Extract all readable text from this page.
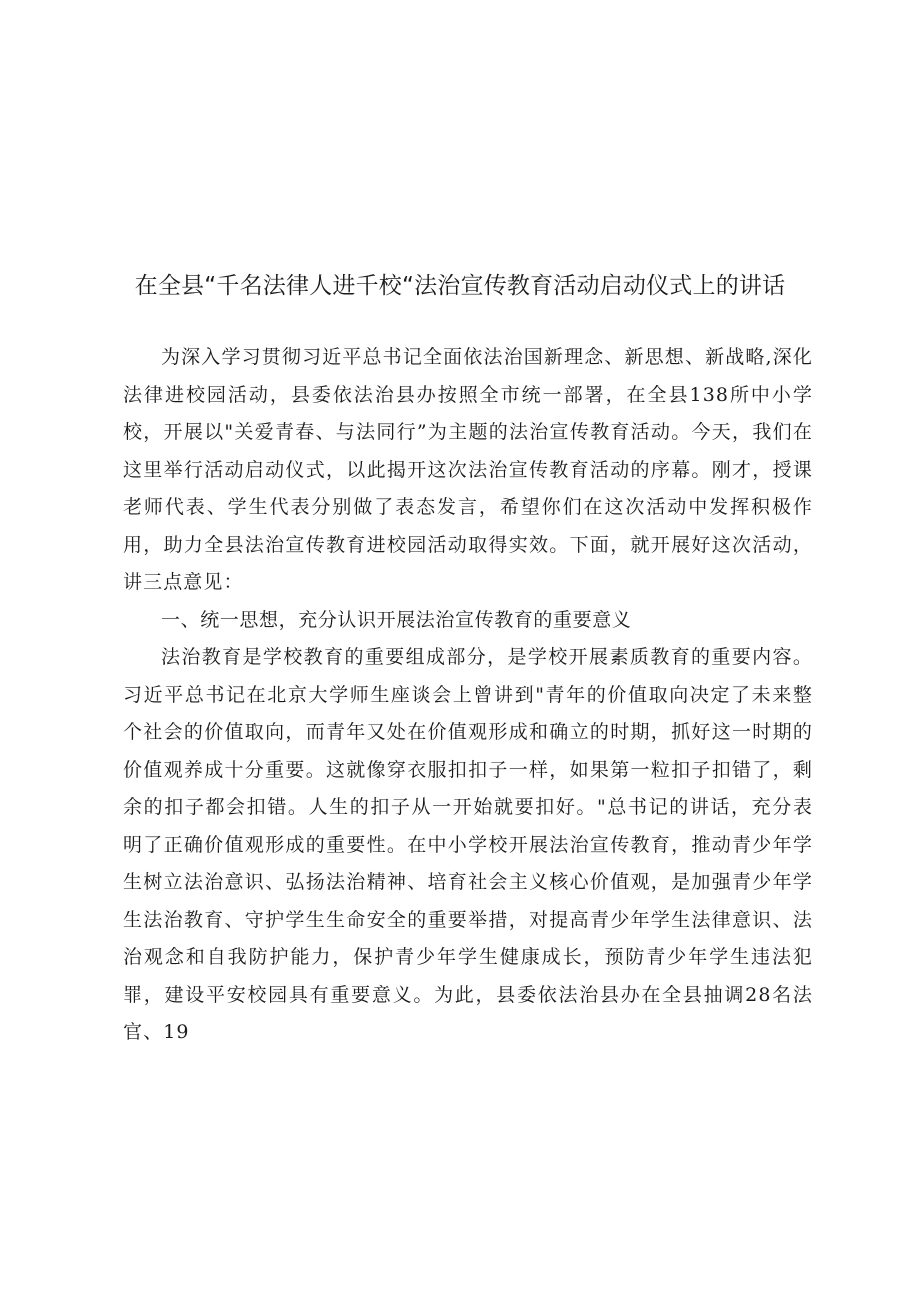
在全县“千名法律人进千校“法治宣传教育活动启动仪式上的讲话

为深入学习贯彻习近平总书记全面依法治国新理念、新思想、新战略,深化法律进校园活动，县委依法治县办按照全市统一部署，在全县138所中小学校，开展以"关爱青春、与法同行”为主题的法治宣传教育活动。今天，我们在这里举行活动启动仪式，以此揭开这次法治宣传教育活动的序幕。刚才，授课老师代表、学生代表分别做了表态发言，希望你们在这次活动中发挥积极作用，助力全县法治宣传教育进校园活动取得实效。下面，就开展好这次活动，讲三点意见：

一、统一思想，充分认识开展法治宣传教育的重要意义

法治教育是学校教育的重要组成部分，是学校开展素质教育的重要内容。习近平总书记在北京大学师生座谈会上曾讲到"青年的价值取向决定了未来整个社会的价值取向，而青年又处在价值观形成和确立的时期，抓好这一时期的价值观养成十分重要。这就像穿衣服扣扣子一样，如果第一粒扣子扣错了，剩余的扣子都会扣错。人生的扣子从一开始就要扣好。"总书记的讲话，充分表明了正确价值观形成的重要性。在中小学校开展法治宣传教育，推动青少年学生树立法治意识、弘扬法治精神、培育社会主义核心价值观，是加强青少年学生法治教育、守护学生生命安全的重要举措，对提高青少年学生法律意识、法治观念和自我防护能力，保护青少年学生健康成长，预防青少年学生违法犯罪，建设平安校园具有重要意义。为此，县委依法治县办在全县抽调28名法官、19
